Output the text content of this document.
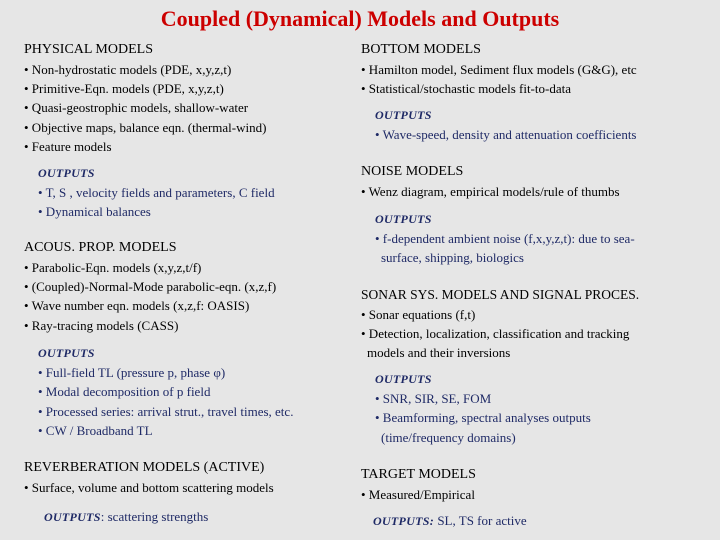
Coupled (Dynamical) Models and Outputs
PHYSICAL MODELS
• Non-hydrostatic models (PDE, x,y,z,t)
• Primitive-Eqn. models (PDE, x,y,z,t)
• Quasi-geostrophic models, shallow-water
• Objective maps, balance eqn. (thermal-wind)
• Feature models
OUTPUTS
• T, S , velocity fields and parameters, C field
• Dynamical balances
ACOUS. PROP. MODELS
• Parabolic-Eqn. models (x,y,z,t/f)
• (Coupled)-Normal-Mode parabolic-eqn. (x,z,f)
• Wave number eqn. models (x,z,f: OASIS)
• Ray-tracing models (CASS)
OUTPUTS
• Full-field TL (pressure p, phase φ)
• Modal decomposition of p field
• Processed series: arrival strut., travel times, etc.
• CW / Broadband TL
REVERBERATION MODELS (ACTIVE)
• Surface, volume and bottom scattering models
OUTPUTS: scattering strengths
BOTTOM MODELS
• Hamilton model, Sediment flux models (G&G), etc
• Statistical/stochastic models fit-to-data
OUTPUTS
• Wave-speed, density and attenuation coefficients
NOISE MODELS
• Wenz diagram, empirical models/rule of thumbs
OUTPUTS
• f-dependent ambient noise (f,x,y,z,t): due to sea-
surface, shipping, biologics
SONAR SYS. MODELS AND SIGNAL PROCES.
• Sonar equations (f,t)
• Detection, localization, classification and tracking
models and their inversions
OUTPUTS
• SNR, SIR, SE, FOM
• Beamforming, spectral analyses outputs
(time/frequency domains)
TARGET MODELS
• Measured/Empirical
OUTPUTS: SL, TS for active
